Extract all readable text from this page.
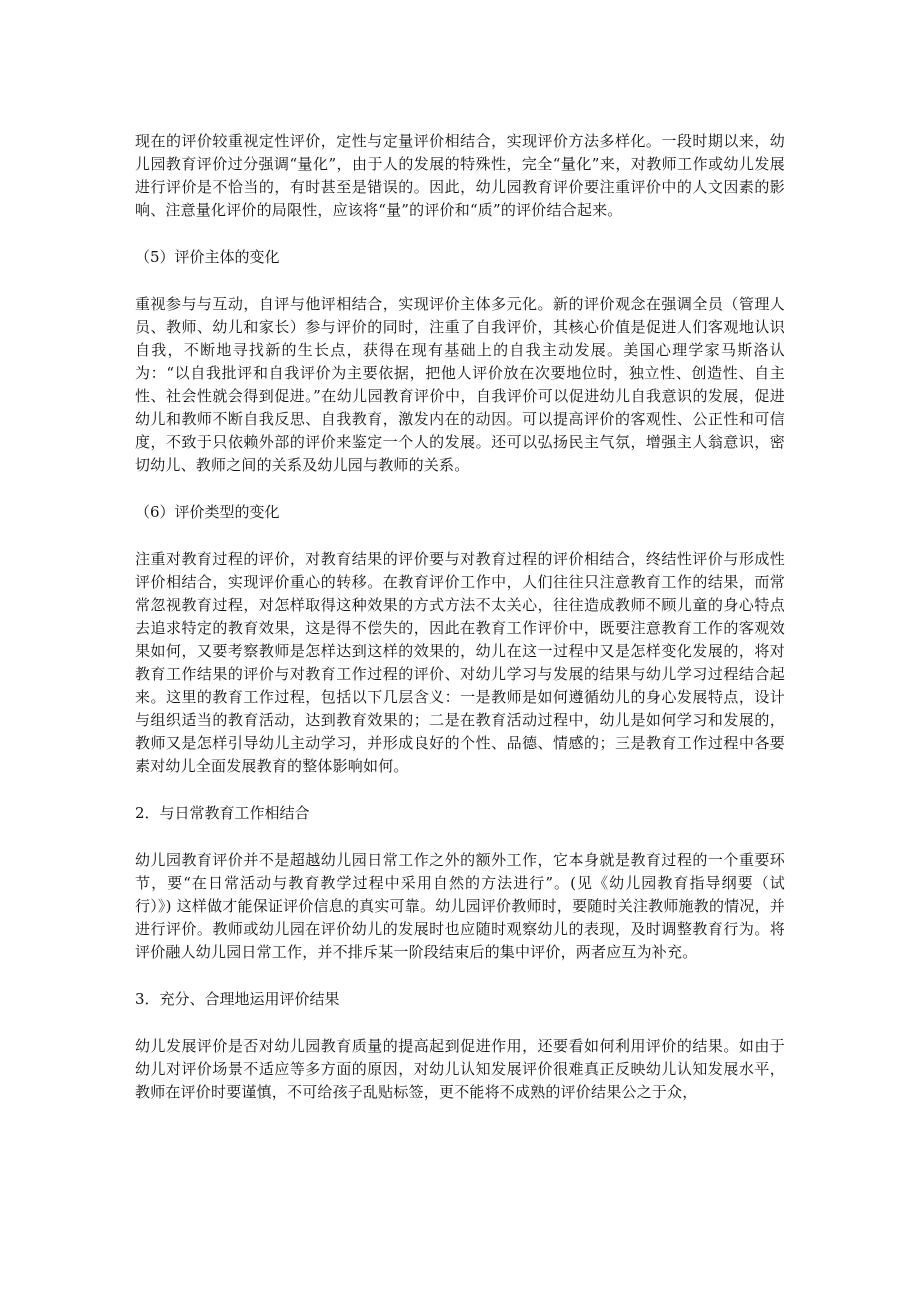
现在的评价较重视定性评价，定性与定量评价相结合，实现评价方法多样化。一段时期以来，幼儿园教育评价过分强调“量化”，由于人的发展的特殊性，完全“量化”来，对教师工作或幼儿发展进行评价是不恰当的，有时甚至是错误的。因此，幼儿园教育评价要注重评价中的人文因素的影响、注意量化评价的局限性，应该将“量”的评价和“质”的评价结合起来。

（5）评价主体的变化

重视参与与互动，自评与他评相结合，实现评价主体多元化。新的评价观念在强调全员（管理人员、教师、幼儿和家长）参与评价的同时，注重了自我评价，其核心价值是促进人们客观地认识自我，不断地寻找新的生长点，获得在现有基础上的自我主动发展。美国心理学家马斯洛认为：“以自我批评和自我评价为主要依据，把他人评价放在次要地位时，独立性、创造性、自主性、社会性就会得到促进。”在幼儿园教育评价中，自我评价可以促进幼儿自我意识的发展，促进幼儿和教师不断自我反思、自我教育，激发内在的动因。可以提高评价的客观性、公正性和可信度，不致于只依赖外部的评价来鉴定一个人的发展。还可以弘扬民主气氛，增强主人翁意识，密切幼儿、教师之间的关系及幼儿园与教师的关系。

（6）评价类型的变化

注重对教育过程的评价，对教育结果的评价要与对教育过程的评价相结合，终结性评价与形成性评价相结合，实现评价重心的转移。在教育评价工作中，人们往往只注意教育工作的结果，而常常忽视教育过程，对怎样取得这种效果的方式方法不太关心，往往造成教师不顾儿童的身心特点去追求特定的教育效果，这是得不偿失的，因此在教育工作评价中，既要注意教育工作的客观效果如何，又要考察教师是怎样达到这样的效果的，幼儿在这一过程中又是怎样变化发展的，将对教育工作结果的评价与对教育工作过程的评价、对幼儿学习与发展的结果与幼儿学习过程结合起来。这里的教育工作过程，包括以下几层含义：一是教师是如何遵循幼儿的身心发展特点，设计与组织适当的教育活动，达到教育效果的；二是在教育活动过程中，幼儿是如何学习和发展的，教师又是怎样引导幼儿主动学习，并形成良好的个性、品德、情感的；三是教育工作过程中各要素对幼儿全面发展教育的整体影响如何。

2．与日常教育工作相结合

幼儿园教育评价并不是超越幼儿园日常工作之外的额外工作，它本身就是教育过程的一个重要环节，要“在日常活动与教育教学过程中采用自然的方法进行”。(见《幼儿园教育指导纲要（试行）》) 这样做才能保证评价信息的真实可靠。幼儿园评价教师时，要随时关注教师施教的情况，并进行评价。教师或幼儿园在评价幼儿的发展时也应随时观察幼儿的表现，及时调整教育行为。将评价融人幼儿园日常工作，并不排斥某一阶段结束后的集中评价，两者应互为补充。

3．充分、合理地运用评价结果

幼儿发展评价是否对幼儿园教育质量的提高起到促进作用，还要看如何利用评价的结果。如由于幼儿对评价场景不适应等多方面的原因，对幼儿认知发展评价很难真正反映幼儿认知发展水平，教师在评价时要谨慎，不可给孩子乱贴标签，更不能将不成熟的评价结果公之于众，
